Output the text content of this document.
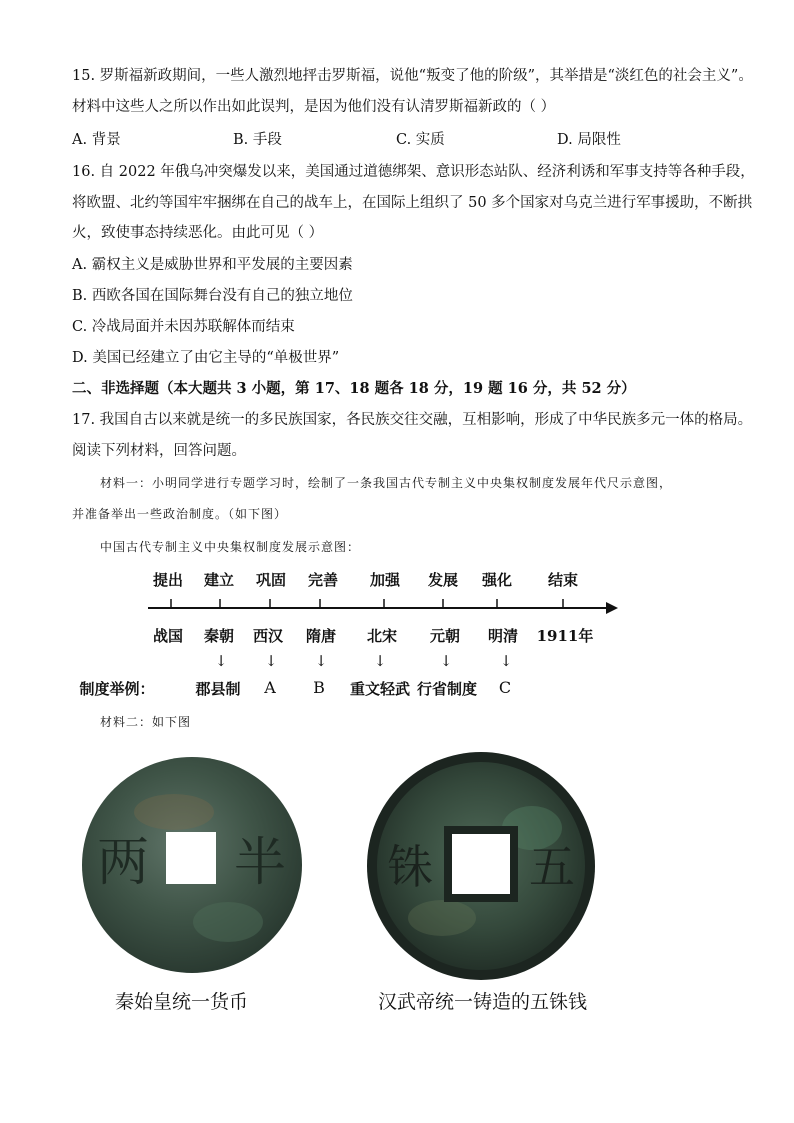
15. 罗斯福新政期间，一些人激烈地抨击罗斯福，说他“叛变了他的阶级”，其举措是“淡红色的社会主义”。
材料中这些人之所以作出如此误判，是因为他们没有认清罗斯福新政的（ ）
A. 背景	B. 手段	C. 实质	D. 局限性
16. 自 2022 年俄乌冲突爆发以来，美国通过道德绑架、意识形态站队、经济利诱和军事支持等各种手段，
将欧盟、北约等国牢牢捆绑在自己的战车上，在国际上组织了 50 多个国家对乌克兰进行军事援助，不断拱
火，致使事态持续恶化。由此可见（ ）
A. 霸权主义是威胁世界和平发展的主要因素
B. 西欧各国在国际舞台没有自己的独立地位
C. 冷战局面并未因苏联解体而结束
D. 美国已经建立了由它主导的“单极世界”
二、非选择题（本大题共 3 小题，第 17、18 题各 18 分，19 题 16 分，共 52 分）
17. 我国自古以来就是统一的多民族国家，各民族交往交融，互相影响，形成了中华民族多元一体的格局。
阅读下列材料，回答问题。
材料一：小明同学进行专题学习时，绘制了一条我国古代专制主义中央集权制度发展年代尺示意图，
并准备举出一些政治制度。（如下图）
中国古代专制主义中央集权制度发展示意图：
提出 建立 巩固 完善 加强 发展 强化 结束
战国 秦朝 西汉 隋唐 北宋 元朝 明清 1911年
↓ ↓ ↓	↓	↓	↓
制度举例：	郡县制 A B 重文轻武 行省制度 C
材料二：如下图
两 半
秦始皇统一货币
铢 五
汉武帝统一铸造的五铢钱
